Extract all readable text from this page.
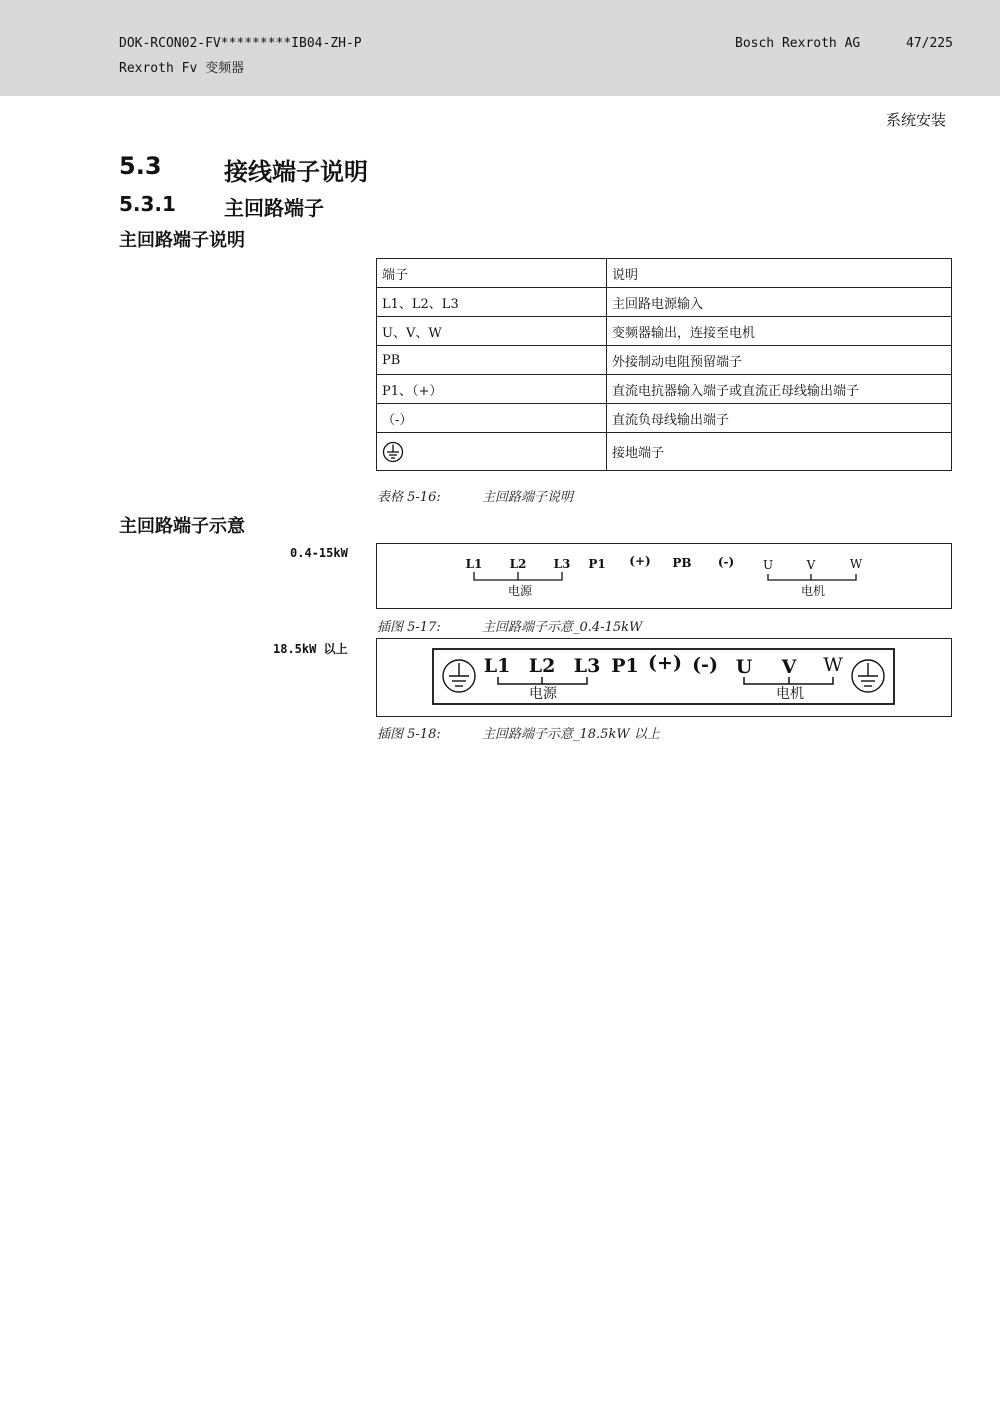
DOK-RCON02-FV*********IB04-ZH-P
Rexroth Fv 变频器
Bosch Rexroth AG	47/225
系统安装
5.3	接线端子说明
5.3.1 主回路端子
主回路端子说明
端子	说明
L1、L2、L3	主回路电源输入
U、V、W	变频器输出，连接至电机
PB	外接制动电阻预留端子
P1、（+）	直流电抗器输入端子或直流正母线输出端子
（-）	直流负母线输出端子

	接地端子
表格 5-16:	主回路端子说明
主回路端子示意
0.4-15kW
L1 L2 L3 P1 (+) PB (-) U	V	W
电源	电机
插图 5-17:	主回路端子示意_0.4-15kW
18.5kW 以上
L1 L2 L3 P1 (+) (-) U V W
电源	电机
插图 5-18:	主回路端子示意_18.5kW 以上
